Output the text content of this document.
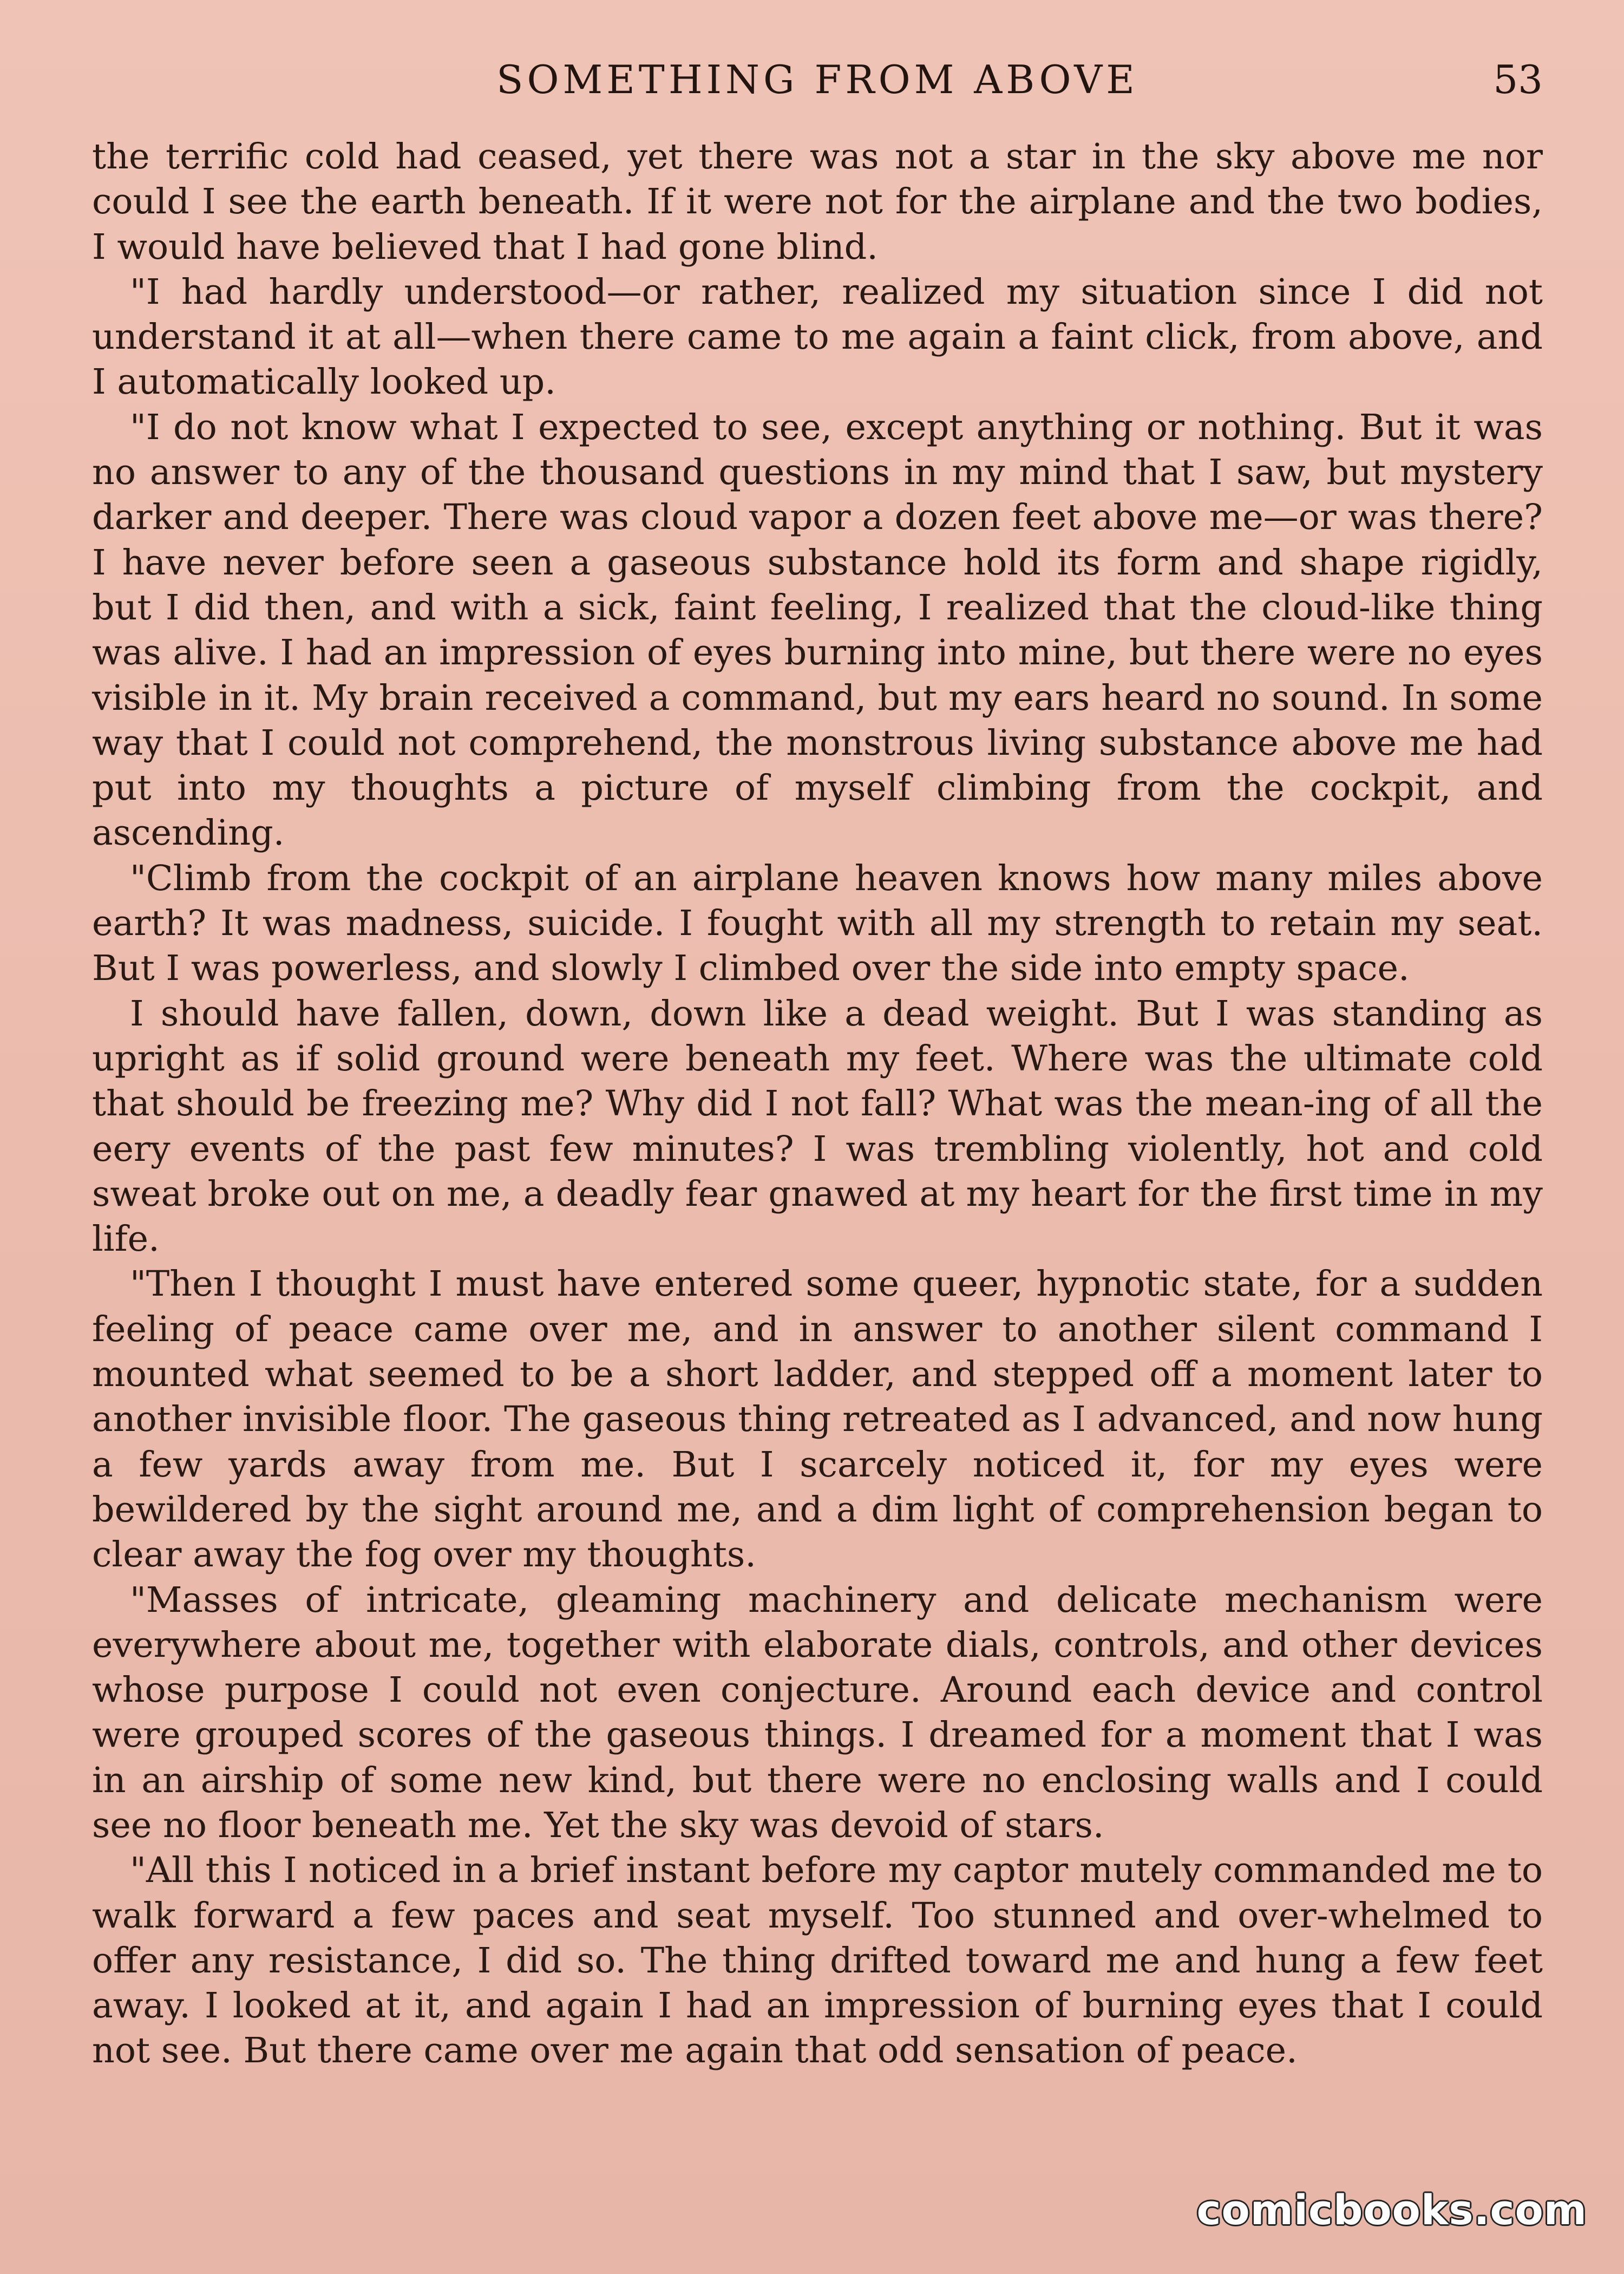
SOMETHING FROM ABOVE	53

the terrific cold had ceased, yet there was not a star in the sky above me nor could I see the earth beneath. If it were not for the airplane and the two bodies, I would have believed that I had gone blind.

"I had hardly understood—or rather, realized my situation since I did not understand it at all—when there came to me again a faint click, from above, and I automatically looked up.

"I do not know what I expected to see, except anything or nothing. But it was no answer to any of the thousand questions in my mind that I saw, but mystery darker and deeper. There was cloud vapor a dozen feet above me—or was there? I have never before seen a gaseous substance hold its form and shape rigidly, but I did then, and with a sick, faint feeling, I realized that the cloud-like thing was alive. I had an impression of eyes burning into mine, but there were no eyes visible in it. My brain received a command, but my ears heard no sound. In some way that I could not comprehend, the monstrous living substance above me had put into my thoughts a picture of myself climbing from the cockpit, and ascending.

"Climb from the cockpit of an airplane heaven knows how many miles above earth? It was madness, suicide. I fought with all my strength to retain my seat. But I was powerless, and slowly I climbed over the side into empty space.

I should have fallen, down, down like a dead weight. But I was standing as upright as if solid ground were beneath my feet. Where was the ultimate cold that should be freezing me? Why did I not fall? What was the mean-ing of all the eery events of the past few minutes? I was trembling violently, hot and cold sweat broke out on me, a deadly fear gnawed at my heart for the first time in my life.

"Then I thought I must have entered some queer, hypnotic state, for a sudden feeling of peace came over me, and in answer to another silent command I mounted what seemed to be a short ladder, and stepped off a moment later to another invisible floor. The gaseous thing retreated as I advanced, and now hung a few yards away from me. But I scarcely noticed it, for my eyes were bewildered by the sight around me, and a dim light of comprehension began to clear away the fog over my thoughts.

"Masses of intricate, gleaming machinery and delicate mechanism were everywhere about me, together with elaborate dials, controls, and other devices whose purpose I could not even conjecture. Around each device and control were grouped scores of the gaseous things. I dreamed for a moment that I was in an airship of some new kind, but there were no enclosing walls and I could see no floor beneath me. Yet the sky was devoid of stars.

"All this I noticed in a brief instant before my captor mutely commanded me to walk forward a few paces and seat myself. Too stunned and over-whelmed to offer any resistance, I did so. The thing drifted toward me and hung a few feet away. I looked at it, and again I had an impression of burning eyes that I could not see. But there came over me again that odd sensation of peace.

comicbooks.com
